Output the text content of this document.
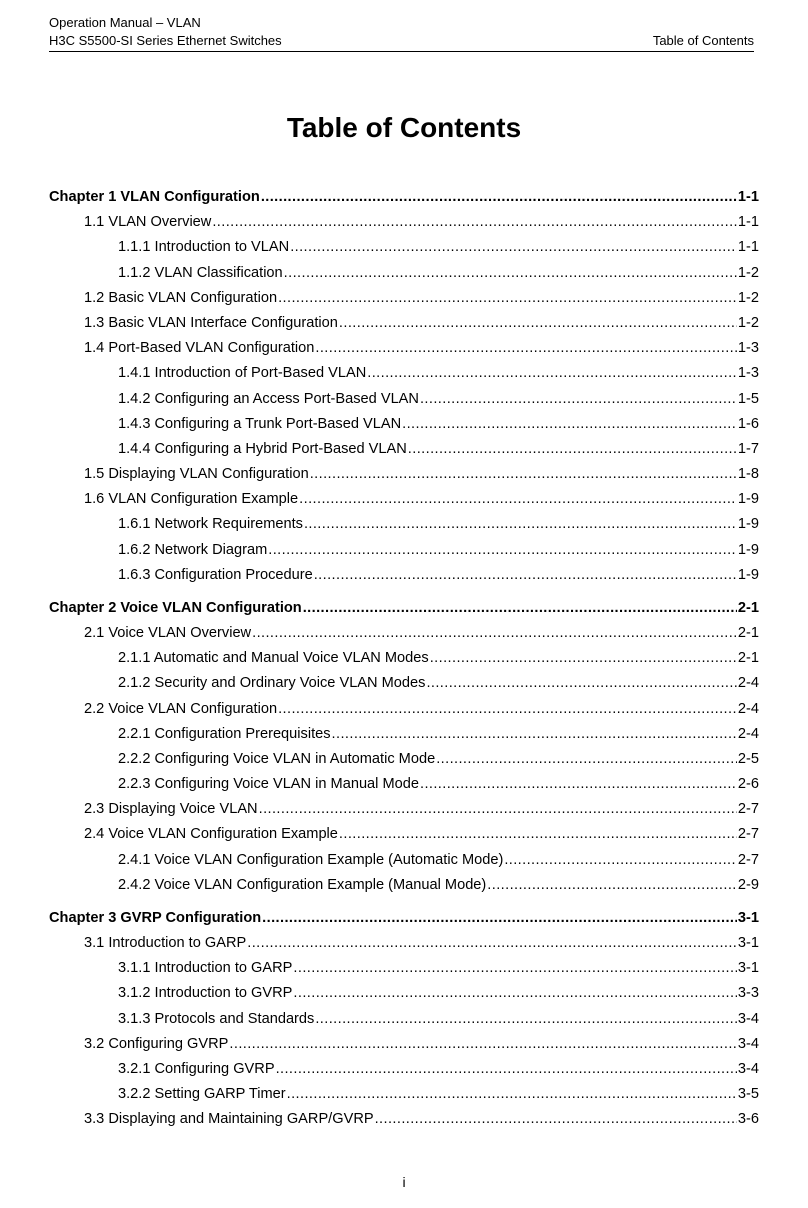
Operation Manual – VLAN
H3C S5500-SI Series Ethernet Switches	Table of Contents
Table of Contents
Chapter 1 VLAN Configuration .....	1-1
1.1 VLAN Overview .....	1-1
1.1.1 Introduction to VLAN .....	1-1
1.1.2 VLAN Classification .....	1-2
1.2 Basic VLAN Configuration .....	1-2
1.3 Basic VLAN Interface Configuration .....	1-2
1.4 Port-Based VLAN Configuration .....	1-3
1.4.1 Introduction of Port-Based VLAN .....	1-3
1.4.2 Configuring an Access Port-Based VLAN .....	1-5
1.4.3 Configuring a Trunk Port-Based VLAN .....	1-6
1.4.4 Configuring a Hybrid Port-Based VLAN .....	1-7
1.5 Displaying VLAN Configuration .....	1-8
1.6 VLAN Configuration Example .....	1-9
1.6.1 Network Requirements .....	1-9
1.6.2 Network Diagram .....	1-9
1.6.3 Configuration Procedure .....	1-9
Chapter 2 Voice VLAN Configuration .....	2-1
2.1 Voice VLAN Overview .....	2-1
2.1.1 Automatic and Manual Voice VLAN Modes .....	2-1
2.1.2 Security and Ordinary Voice VLAN Modes .....	2-4
2.2 Voice VLAN Configuration .....	2-4
2.2.1 Configuration Prerequisites .....	2-4
2.2.2 Configuring Voice VLAN in Automatic Mode .....	2-5
2.2.3 Configuring Voice VLAN in Manual Mode .....	2-6
2.3 Displaying Voice VLAN .....	2-7
2.4 Voice VLAN Configuration Example .....	2-7
2.4.1 Voice VLAN Configuration Example (Automatic Mode) .....	2-7
2.4.2 Voice VLAN Configuration Example (Manual Mode) .....	2-9
Chapter 3 GVRP Configuration .....	3-1
3.1 Introduction to GARP .....	3-1
3.1.1 Introduction to GARP .....	3-1
3.1.2 Introduction to GVRP .....	3-3
3.1.3 Protocols and Standards .....	3-4
3.2 Configuring GVRP .....	3-4
3.2.1 Configuring GVRP .....	3-4
3.2.2 Setting GARP Timer .....	3-5
3.3 Displaying and Maintaining GARP/GVRP .....	3-6
i
